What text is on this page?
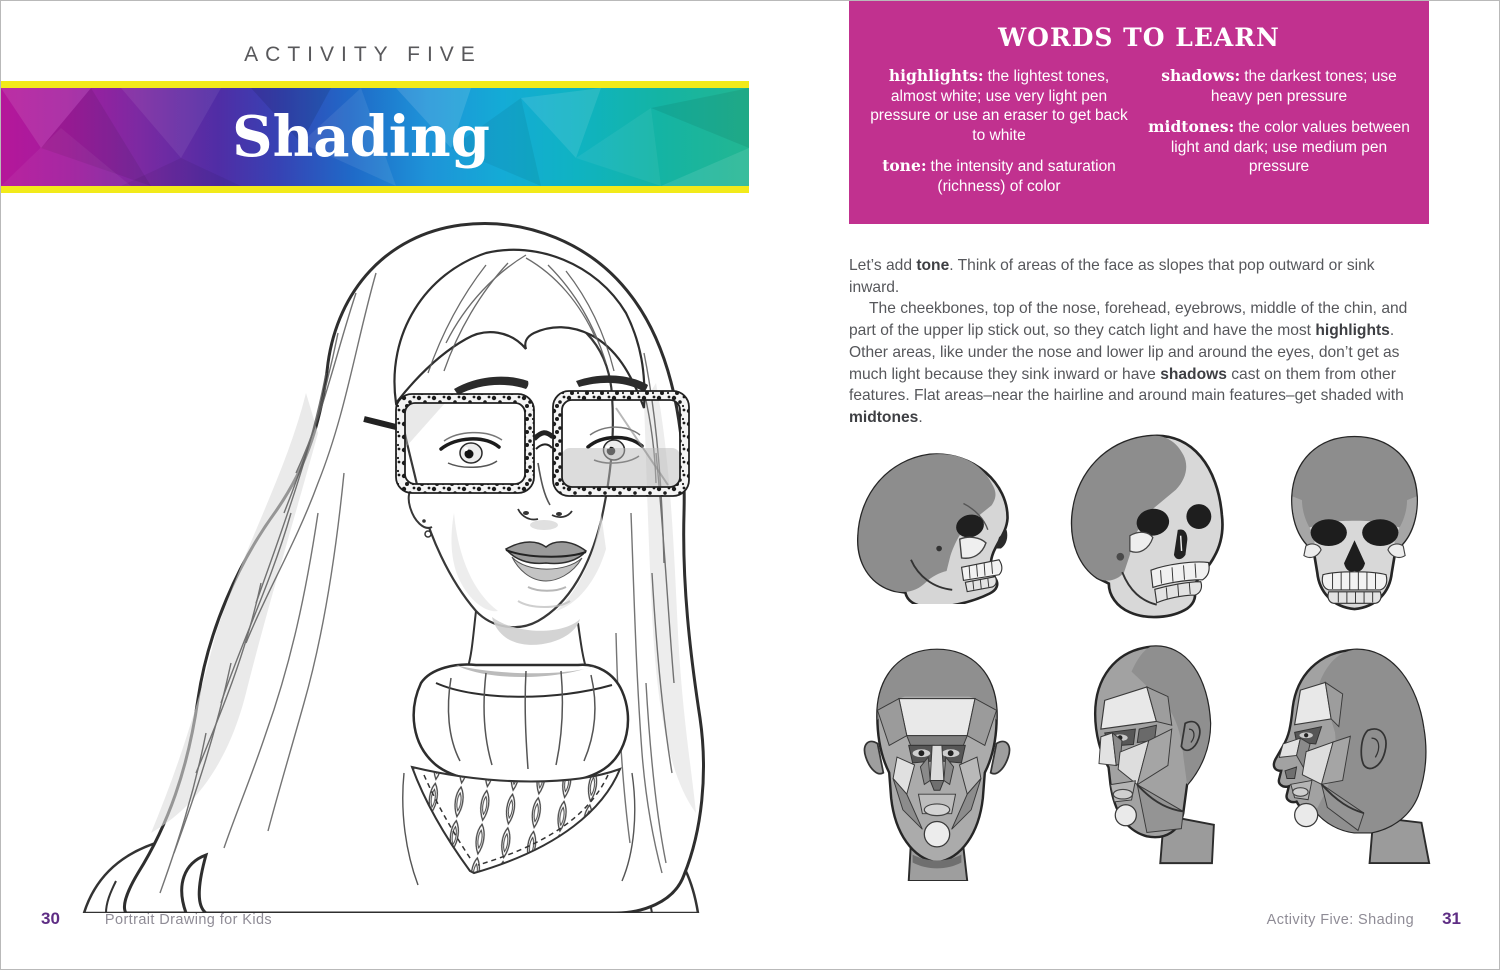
ACTIVITY FIVE
Shading
WORDS TO LEARN
highlights: the lightest tones, almost white; use very light pen pressure or use an eraser to get back to white
tone: the intensity and saturation (richness) of color
shadows: the darkest tones; use heavy pen pressure
midtones: the color values between light and dark; use medium pen pressure

Let’s add tone. Think of areas of the face as slopes that pop outward or sink inward.

The cheekbones, top of the nose, forehead, eyebrows, middle of the chin, and part of the upper lip stick out, so they catch light and have the most highlights. Other areas, like under the nose and lower lip and around the eyes, don’t get as much light because they sink inward or have shadows cast on them from other features. Flat areas–near the hairline and around main features–get shaded with midtones.

30	Portrait Drawing for Kids	Activity Five: Shading 31
